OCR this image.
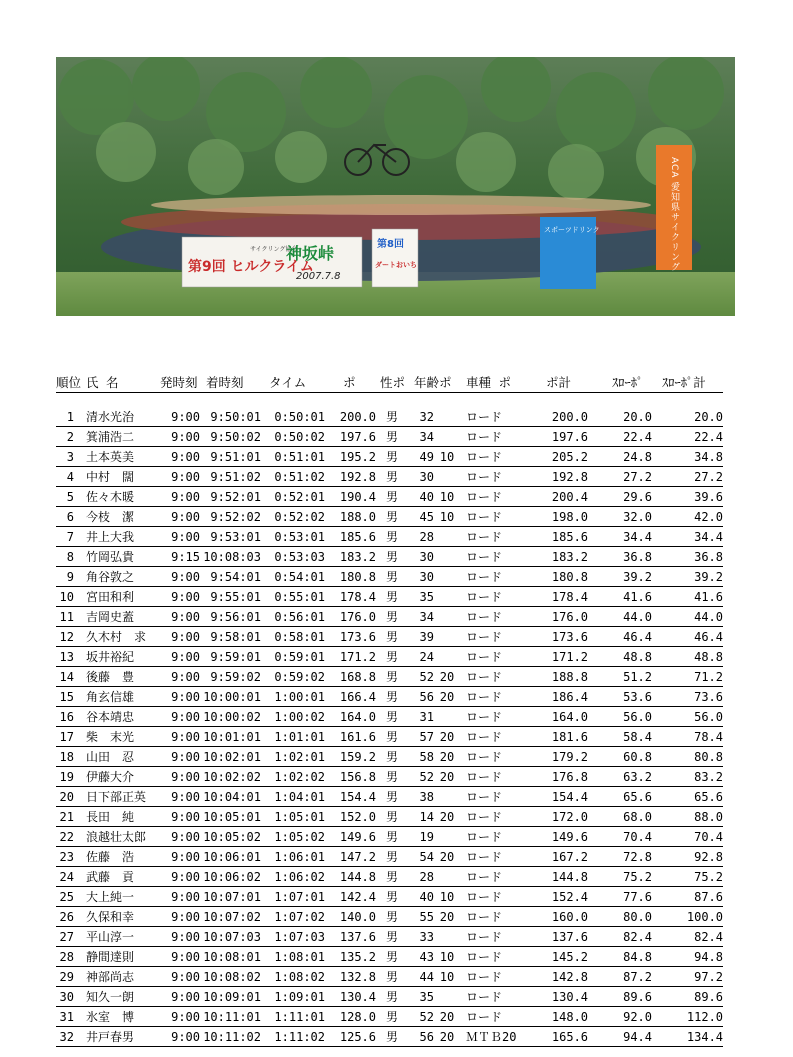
ACA 愛知県サイクリング
スポーツドリンク
第9回 ヒルクライム
サイクリング協会
神坂峠
2007.7.8
第8回
ダートおいち
順位	氏 名	発時刻	着時刻	タイム	ポ	性ポ	年齢ポ		車種 ポ	ポ計	ｽﾛｰﾎﾟ	ｽﾛｰﾎﾟ計

1	清水光治	9:00	9:50:01	0:50:01	200.0	男	32		ロード	200.0	20.0	20.0
2	箕浦浩二	9:00	9:50:02	0:50:02	197.6	男	34		ロード	197.6	22.4	22.4
3	土本英美	9:00	9:51:01	0:51:01	195.2	男	49	10	ロード	205.2	24.8	34.8
4	中村　闊	9:00	9:51:02	0:51:02	192.8	男	30		ロード	192.8	27.2	27.2
5	佐々木暖	9:00	9:52:01	0:52:01	190.4	男	40	10	ロード	200.4	29.6	39.6
6	今枝　潔	9:00	9:52:02	0:52:02	188.0	男	45	10	ロード	198.0	32.0	42.0
7	井上大我	9:00	9:53:01	0:53:01	185.6	男	28		ロード	185.6	34.4	34.4
8	竹岡弘貴	9:15	10:08:03	0:53:03	183.2	男	30		ロード	183.2	36.8	36.8
9	角谷敦之	9:00	9:54:01	0:54:01	180.8	男	30		ロード	180.8	39.2	39.2
10	宮田和利	9:00	9:55:01	0:55:01	178.4	男	35		ロード	178.4	41.6	41.6
11	吉岡史蓋	9:00	9:56:01	0:56:01	176.0	男	34		ロード	176.0	44.0	44.0
12	久木村　求	9:00	9:58:01	0:58:01	173.6	男	39		ロード	173.6	46.4	46.4
13	坂井裕紀	9:00	9:59:01	0:59:01	171.2	男	24		ロード	171.2	48.8	48.8
14	後藤　豊	9:00	9:59:02	0:59:02	168.8	男	52	20	ロード	188.8	51.2	71.2
15	角玄信雄	9:00	10:00:01	1:00:01	166.4	男	56	20	ロード	186.4	53.6	73.6
16	谷本靖忠	9:00	10:00:02	1:00:02	164.0	男	31		ロード	164.0	56.0	56.0
17	柴　末光	9:00	10:01:01	1:01:01	161.6	男	57	20	ロード	181.6	58.4	78.4
18	山田　忍	9:00	10:02:01	1:02:01	159.2	男	58	20	ロード	179.2	60.8	80.8
19	伊藤大介	9:00	10:02:02	1:02:02	156.8	男	52	20	ロード	176.8	63.2	83.2
20	日下部正英	9:00	10:04:01	1:04:01	154.4	男	38		ロード	154.4	65.6	65.6
21	長田　純	9:00	10:05:01	1:05:01	152.0	男	14	20	ロード	172.0	68.0	88.0
22	浪越壮太郎	9:00	10:05:02	1:05:02	149.6	男	19		ロード	149.6	70.4	70.4
23	佐藤　浩	9:00	10:06:01	1:06:01	147.2	男	54	20	ロード	167.2	72.8	92.8
24	武藤　貢	9:00	10:06:02	1:06:02	144.8	男	28		ロード	144.8	75.2	75.2
25	大上純一	9:00	10:07:01	1:07:01	142.4	男	40	10	ロード	152.4	77.6	87.6
26	久保和幸	9:00	10:07:02	1:07:02	140.0	男	55	20	ロード	160.0	80.0	100.0
27	平山淳一	9:00	10:07:03	1:07:03	137.6	男	33		ロード	137.6	82.4	82.4
28	静間達則	9:00	10:08:01	1:08:01	135.2	男	43	10	ロード	145.2	84.8	94.8
29	神部尚志	9:00	10:08:02	1:08:02	132.8	男	44	10	ロード	142.8	87.2	97.2
30	知久一朗	9:00	10:09:01	1:09:01	130.4	男	35		ロード	130.4	89.6	89.6
31	氷室　博	9:00	10:11:01	1:11:01	128.0	男	52	20	ロード	148.0	92.0	112.0
32	井戸春男	9:00	10:11:02	1:11:02	125.6	男	56	20	ＭＴＢ20	165.6	94.4	134.4
